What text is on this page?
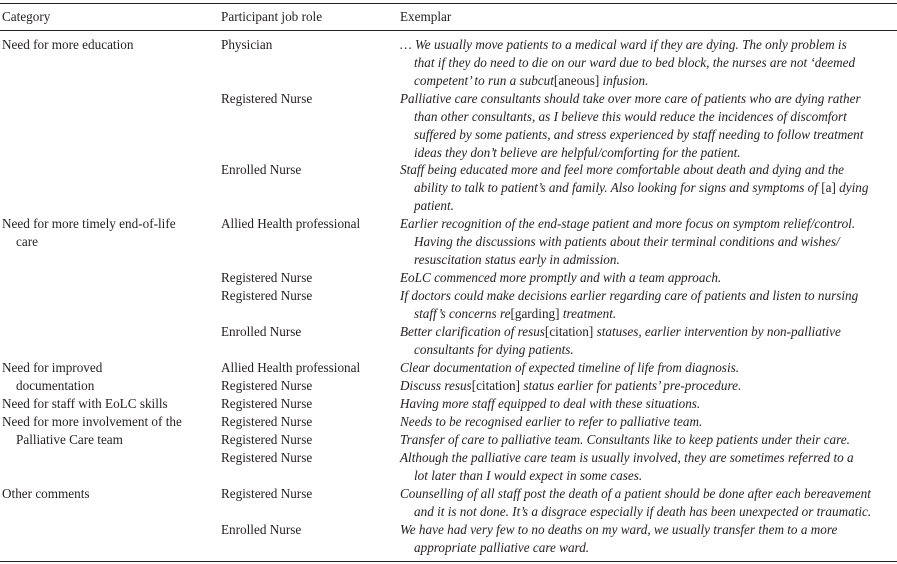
Category	Participant job role	Exemplar
Need for more education
Need for more timely end-of-life
care
Need for improved
documentation
Need for staff with EoLC skills
Need for more involvement of the
Palliative Care team
Other comments
Physician
Registered Nurse
Enrolled Nurse
Allied Health professional
Registered Nurse
Registered Nurse
Enrolled Nurse
Allied Health professional
Registered Nurse
Registered Nurse
Registered Nurse
Registered Nurse
Registered Nurse
Registered Nurse
Enrolled Nurse
… We usually move patients to a medical ward if they are dying. The only problem is
that if they do need to die on our ward due to bed block, the nurses are not ‘deemed
competent’ to run a subcut[aneous] infusion.
Palliative care consultants should take over more care of patients who are dying rather
than other consultants, as I believe this would reduce the incidences of discomfort
suffered by some patients, and stress experienced by staff needing to follow treatment
ideas they don’t believe are helpful/comforting for the patient.
Staff being educated more and feel more comfortable about death and dying and the
ability to talk to patient’s and family. Also looking for signs and symptoms of [a] dying
patient.
Earlier recognition of the end-stage patient and more focus on symptom relief/control.
Having the discussions with patients about their terminal conditions and wishes/
resuscitation status early in admission.
EoLC commenced more promptly and with a team approach.
If doctors could make decisions earlier regarding care of patients and listen to nursing
staff’s concerns re[garding] treatment.
Better clarification of resus[citation] statuses, earlier intervention by non-palliative
consultants for dying patients.
Clear documentation of expected timeline of life from diagnosis.
Discuss resus[citation] status earlier for patients’ pre-procedure.
Having more staff equipped to deal with these situations.
Needs to be recognised earlier to refer to palliative team.
Transfer of care to palliative team. Consultants like to keep patients under their care.
Although the palliative care team is usually involved, they are sometimes referred to a
lot later than I would expect in some cases.
Counselling of all staff post the death of a patient should be done after each bereavement
and it is not done. It’s a disgrace especially if death has been unexpected or traumatic.
We have had very few to no deaths on my ward, we usually transfer them to a more
appropriate palliative care ward.
